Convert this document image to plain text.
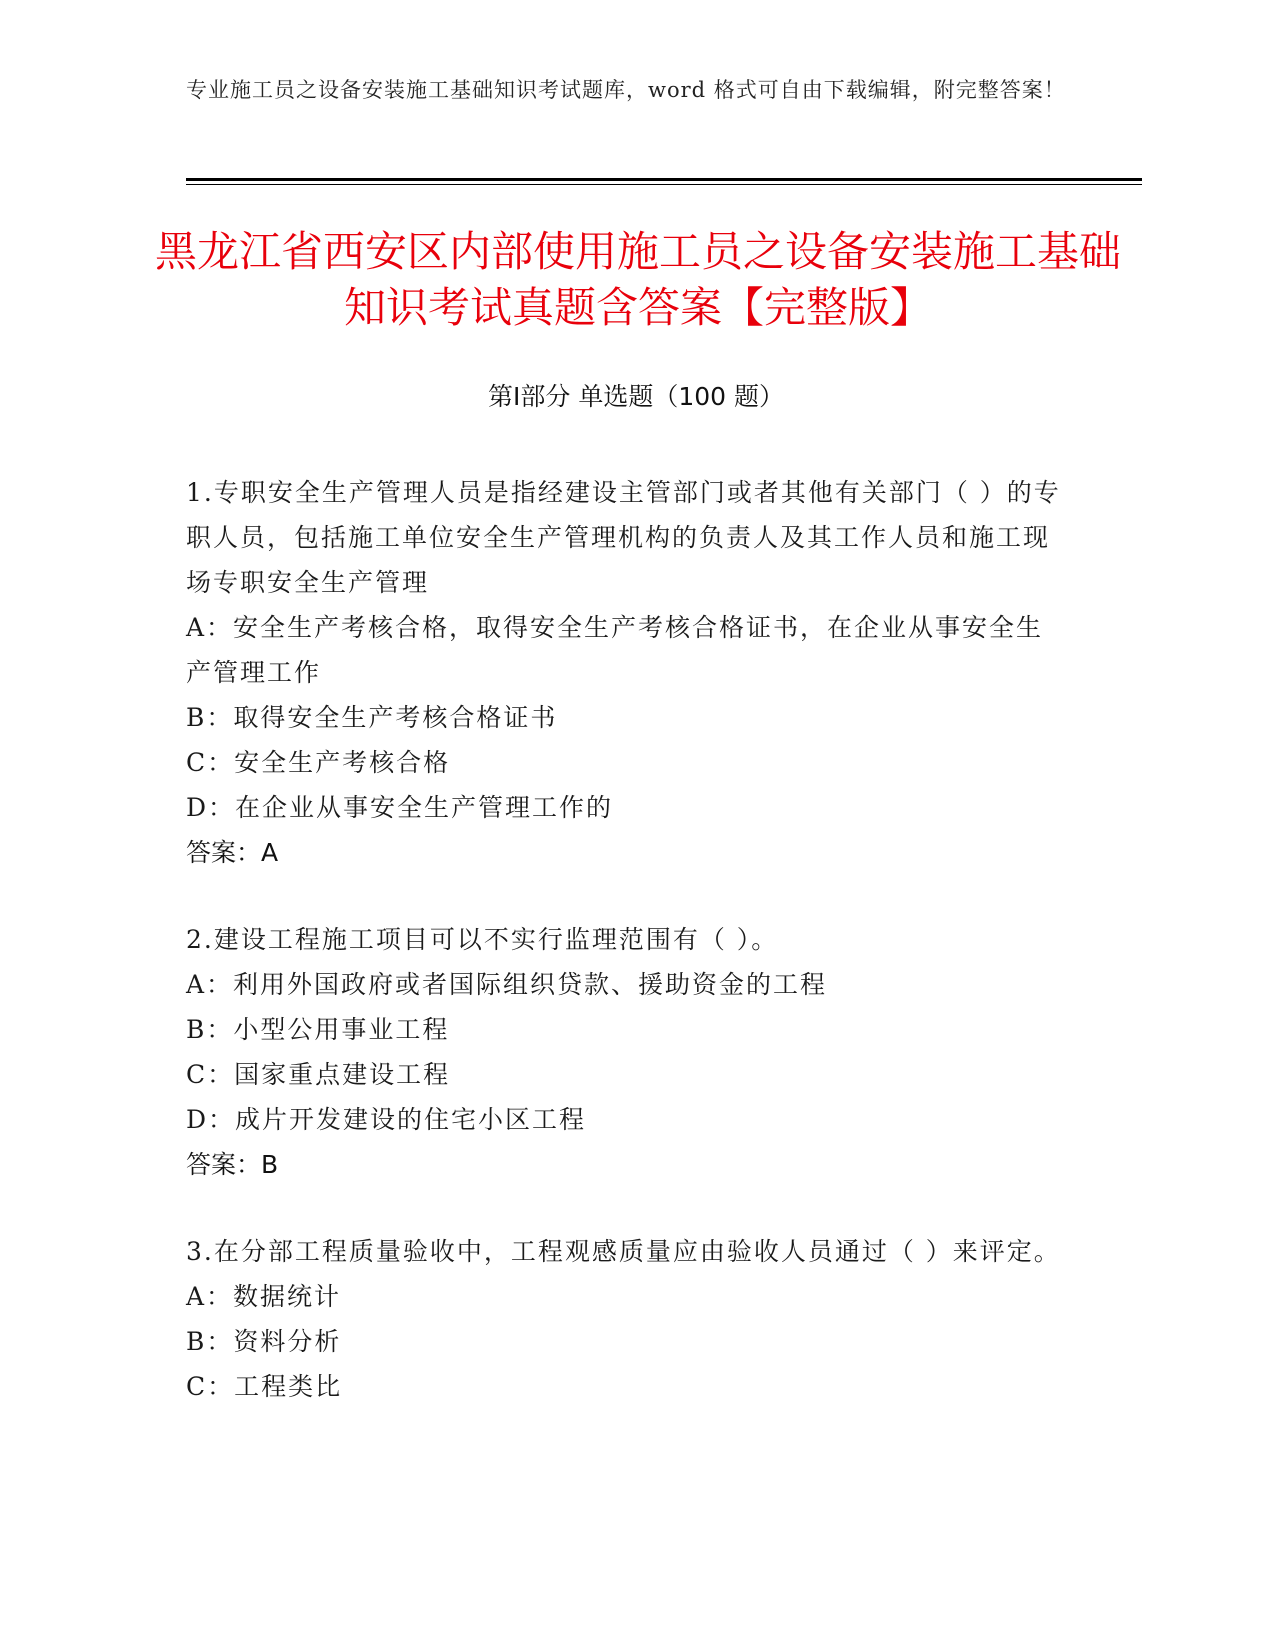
专业施工员之设备安装施工基础知识考试题库，word 格式可自由下载编辑，附完整答案！
黑龙江省西安区内部使用施工员之设备安装施工基础知识考试真题含答案【完整版】
第Ⅰ部分 单选题（100 题）
1.专职安全生产管理人员是指经建设主管部门或者其他有关部门（ ）的专职人员，包括施工单位安全生产管理机构的负责人及其工作人员和施工现场专职安全生产管理
A：安全生产考核合格，取得安全生产考核合格证书，在企业从事安全生产管理工作
B：取得安全生产考核合格证书
C：安全生产考核合格
D：在企业从事安全生产管理工作的
答案：A
2.建设工程施工项目可以不实行监理范围有（ ）。
A：利用外国政府或者国际组织贷款、援助资金的工程
B：小型公用事业工程
C：国家重点建设工程
D：成片开发建设的住宅小区工程
答案：B
3.在分部工程质量验收中，工程观感质量应由验收人员通过（ ）来评定。
A：数据统计
B：资料分析
C：工程类比
